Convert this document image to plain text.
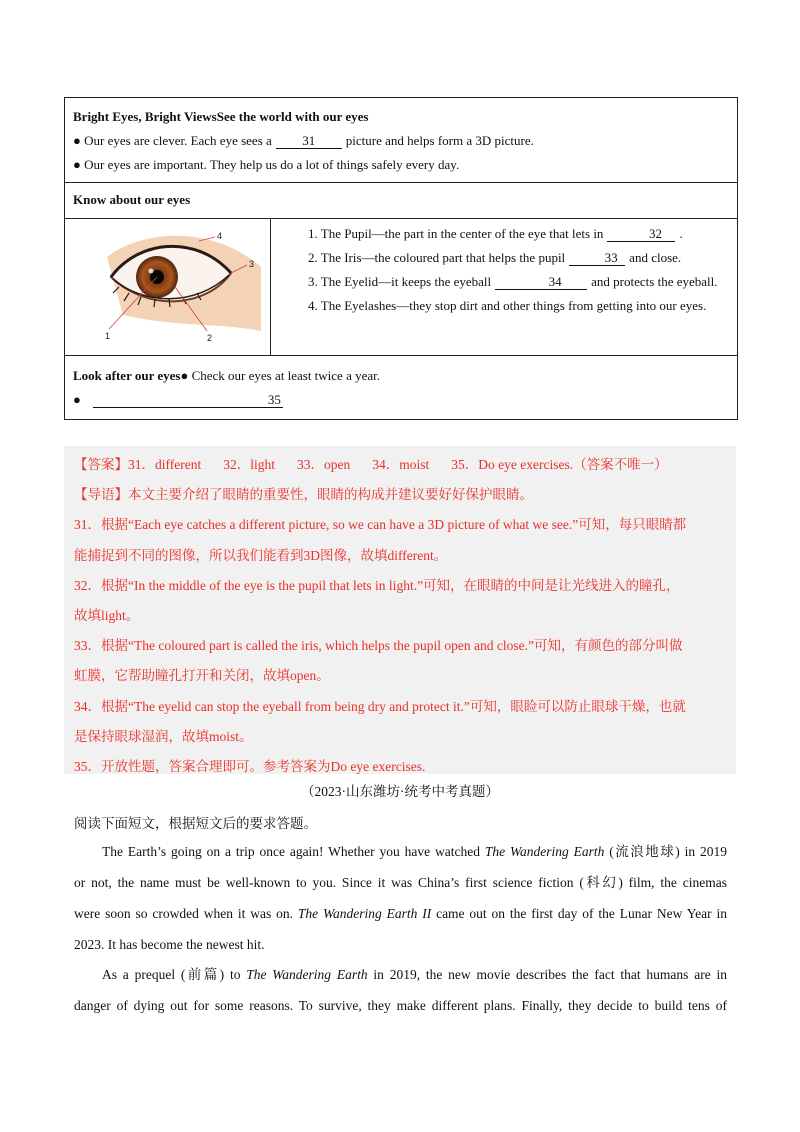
Bright Eyes, Bright ViewsSee the world with our eyes
● Our eyes are clever. Each eye sees a 31 picture and helps form a 3D picture.
● Our eyes are important. They help us do a lot of things safely every day.
Know about our eyes
1	2
3
4	1. The Pupil—the part in the center of the eye that lets in	32 .

2. The Iris—the coloured part that helps the pupil	33 and close.

3. The Eyelid—it keeps the eyeball	34 and protects the eyeball.

4. The Eyelashes—they stop dirt and other things from getting into our eyes.

Look after our eyes● Check our eyes at least twice a year.
●	35
【答案】31．different 32．light 33．open 34．moist 35．Do eye exercises.（答案不唯一）
【导语】本文主要介绍了眼睛的重要性，眼睛的构成并建议要好好保护眼睛。
31．根据“Each eye catches a different picture, so we can have a 3D picture of what we see.”可知，每只眼睛都
能捕捉到不同的图像，所以我们能看到3D图像，故填different。
32．根据“In the middle of the eye is the pupil that lets in light.”可知，在眼睛的中间是让光线进入的瞳孔，
故填light。
33．根据“The coloured part is called the iris, which helps the pupil open and close.”可知，有颜色的部分叫做
虹膜，它帮助瞳孔打开和关闭，故填open。
34．根据“The eyelid can stop the eyeball from being dry and protect it.”可知，眼睑可以防止眼球干燥，也就
是保持眼球湿润，故填moist。
35．开放性题，答案合理即可。参考答案为Do eye exercises.
（2023·山东潍坊·统考中考真题）
阅读下面短文，根据短文后的要求答题。
The Earth’s going on a trip once again! Whether you have watched The Wandering Earth (流浪地球) in 2019
or not, the name must be well-known to you. Since it was China’s first science fiction (科幻) film, the cinemas
were soon so crowded when it was on. The Wandering Earth II came out on the first day of the Lunar New Year in
2023. It has become the newest hit.
As a prequel (前篇) to The Wandering Earth in 2019, the new movie describes the fact that humans are in
danger of dying out for some reasons. To survive, they make different plans. Finally, they decide to build tens of
